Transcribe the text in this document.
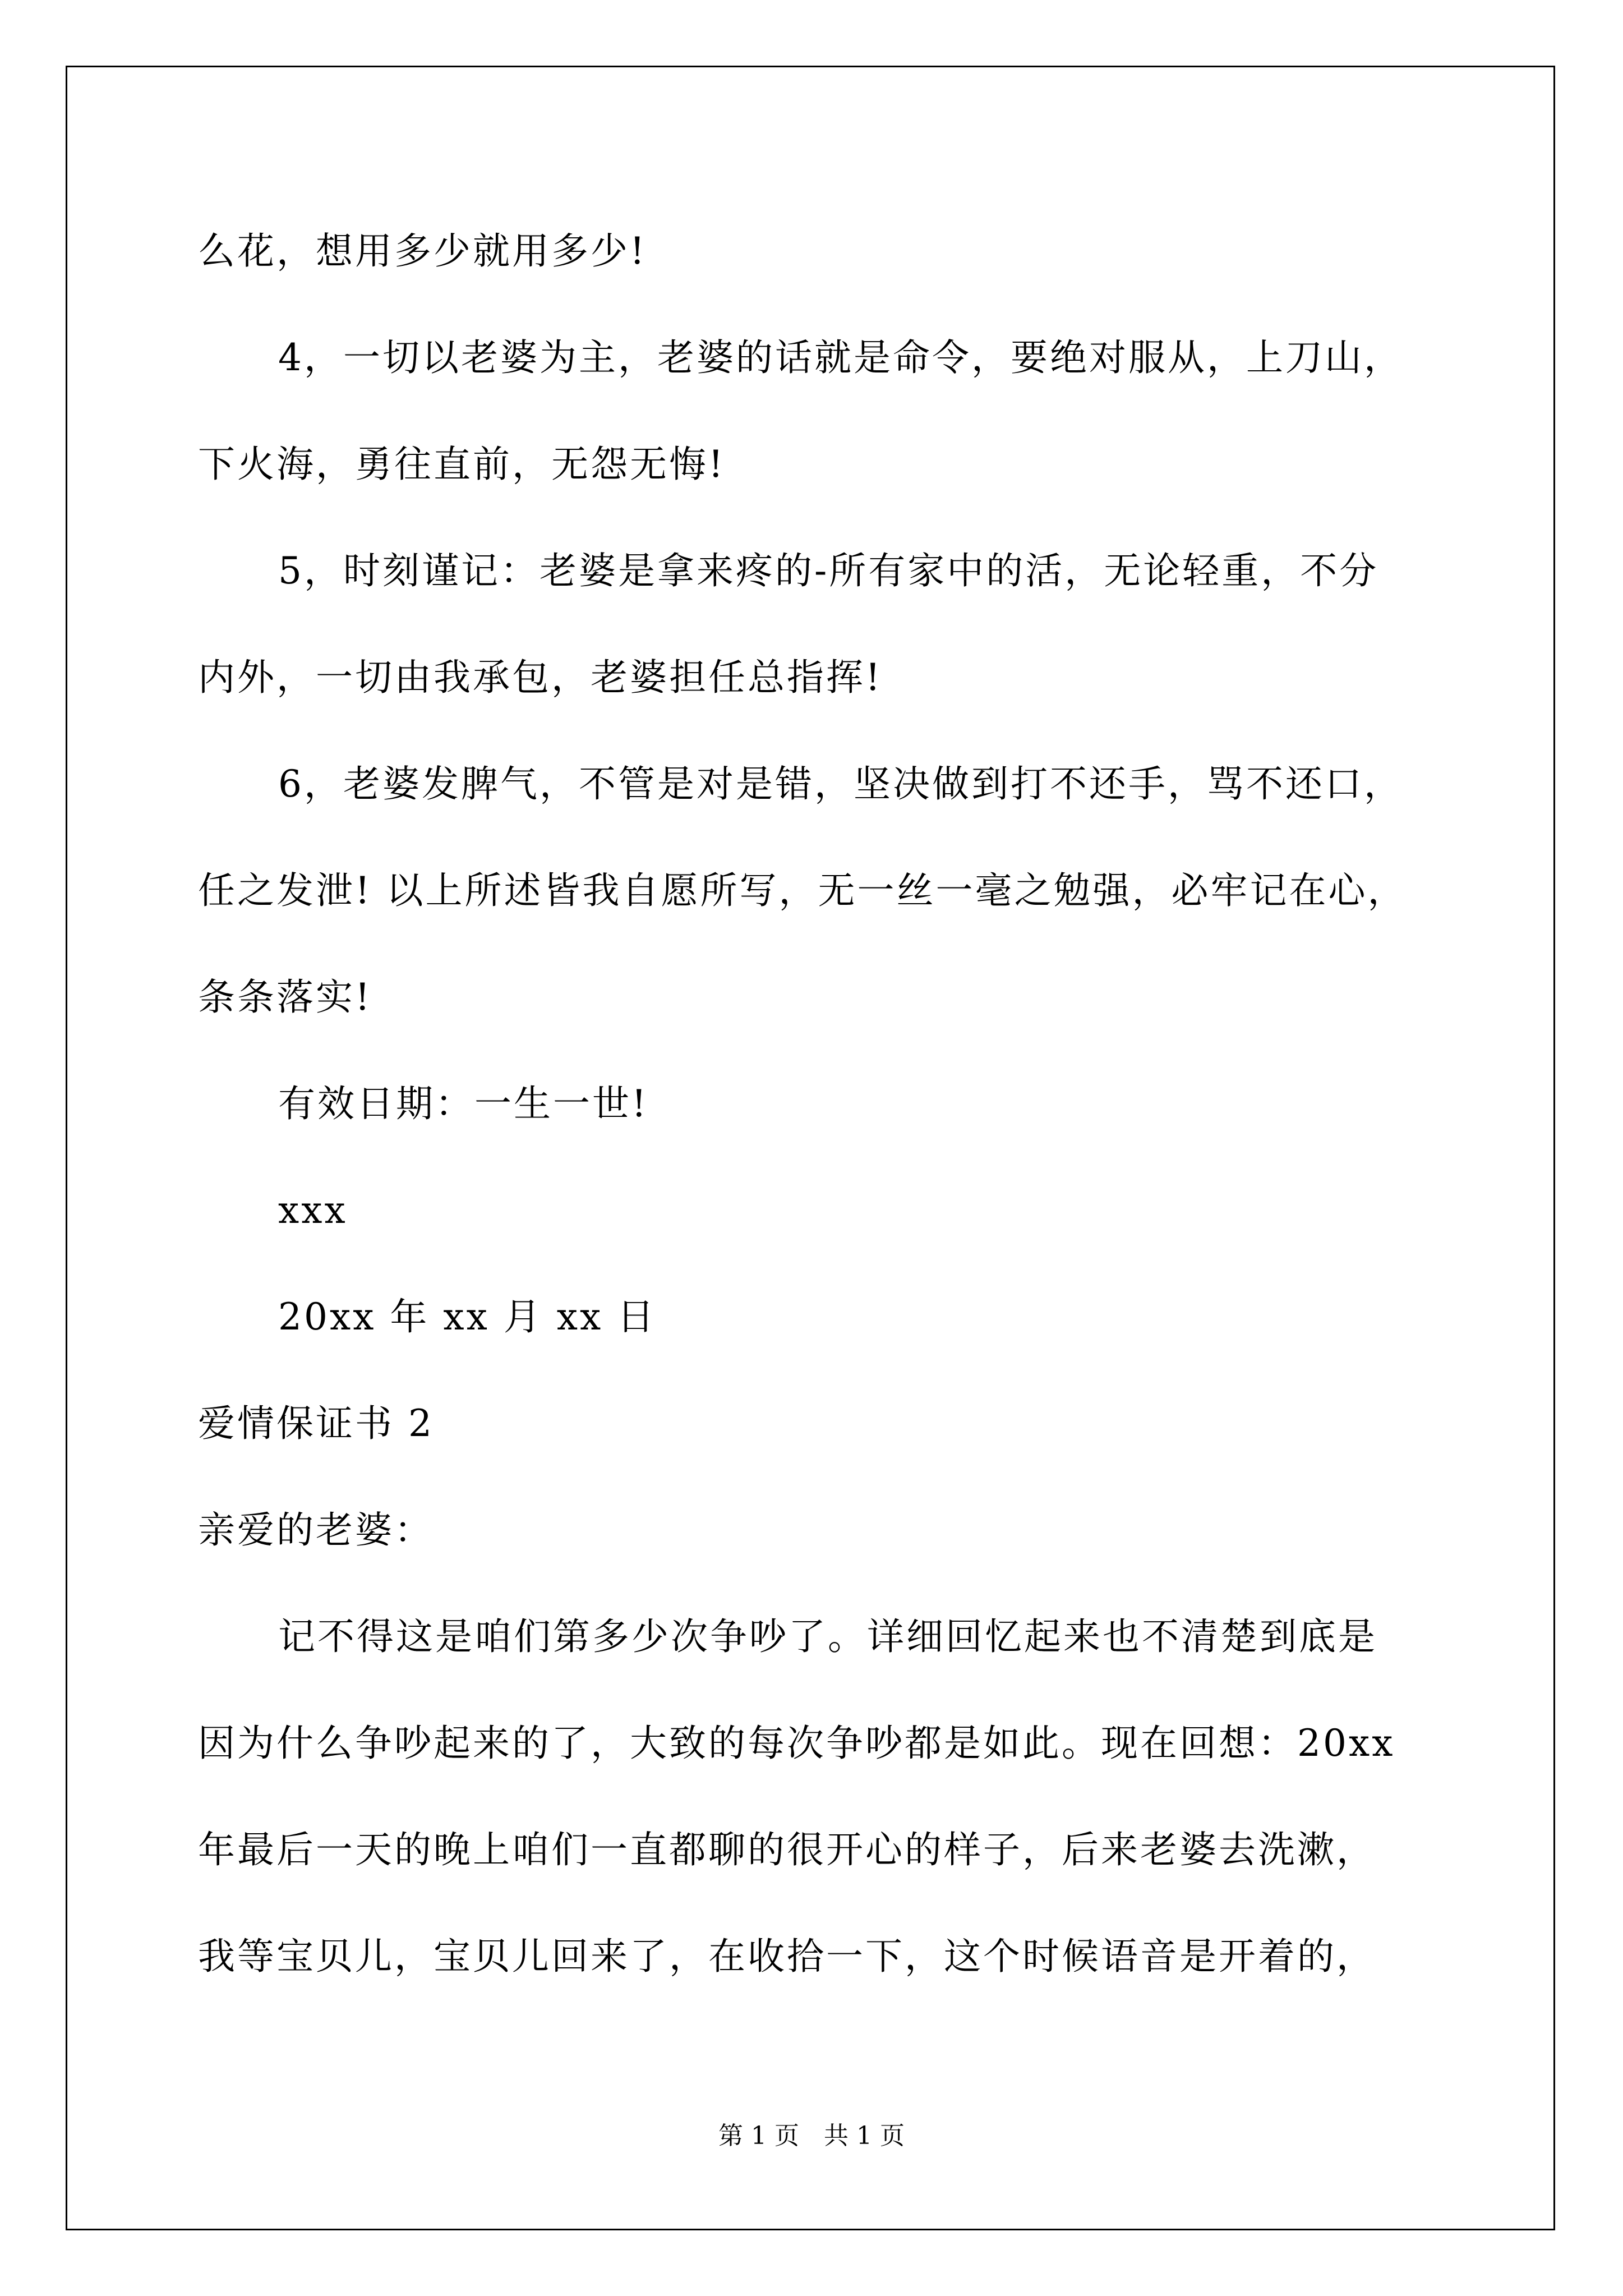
么花，想用多少就用多少!
4，一切以老婆为主，老婆的话就是命令，要绝对服从，上刀山，
下火海，勇往直前，无怨无悔!
5，时刻谨记：老婆是拿来疼的-所有家中的活，无论轻重，不分
内外，一切由我承包，老婆担任总指挥!
6，老婆发脾气，不管是对是错，坚决做到打不还手，骂不还口，
任之发泄! 以上所述皆我自愿所写，无一丝一毫之勉强，必牢记在心，
条条落实!
有效日期：一生一世!
xxx
20xx 年 xx 月 xx 日
爱情保证书 2
亲爱的老婆：
记不得这是咱们第多少次争吵了。详细回忆起来也不清楚到底是
因为什么争吵起来的了，大致的每次争吵都是如此。现在回想：20xx
年最后一天的晚上咱们一直都聊的很开心的样子，后来老婆去洗漱，
我等宝贝儿，宝贝儿回来了，在收拾一下，这个时候语音是开着的，
第 1 页　共 1 页
